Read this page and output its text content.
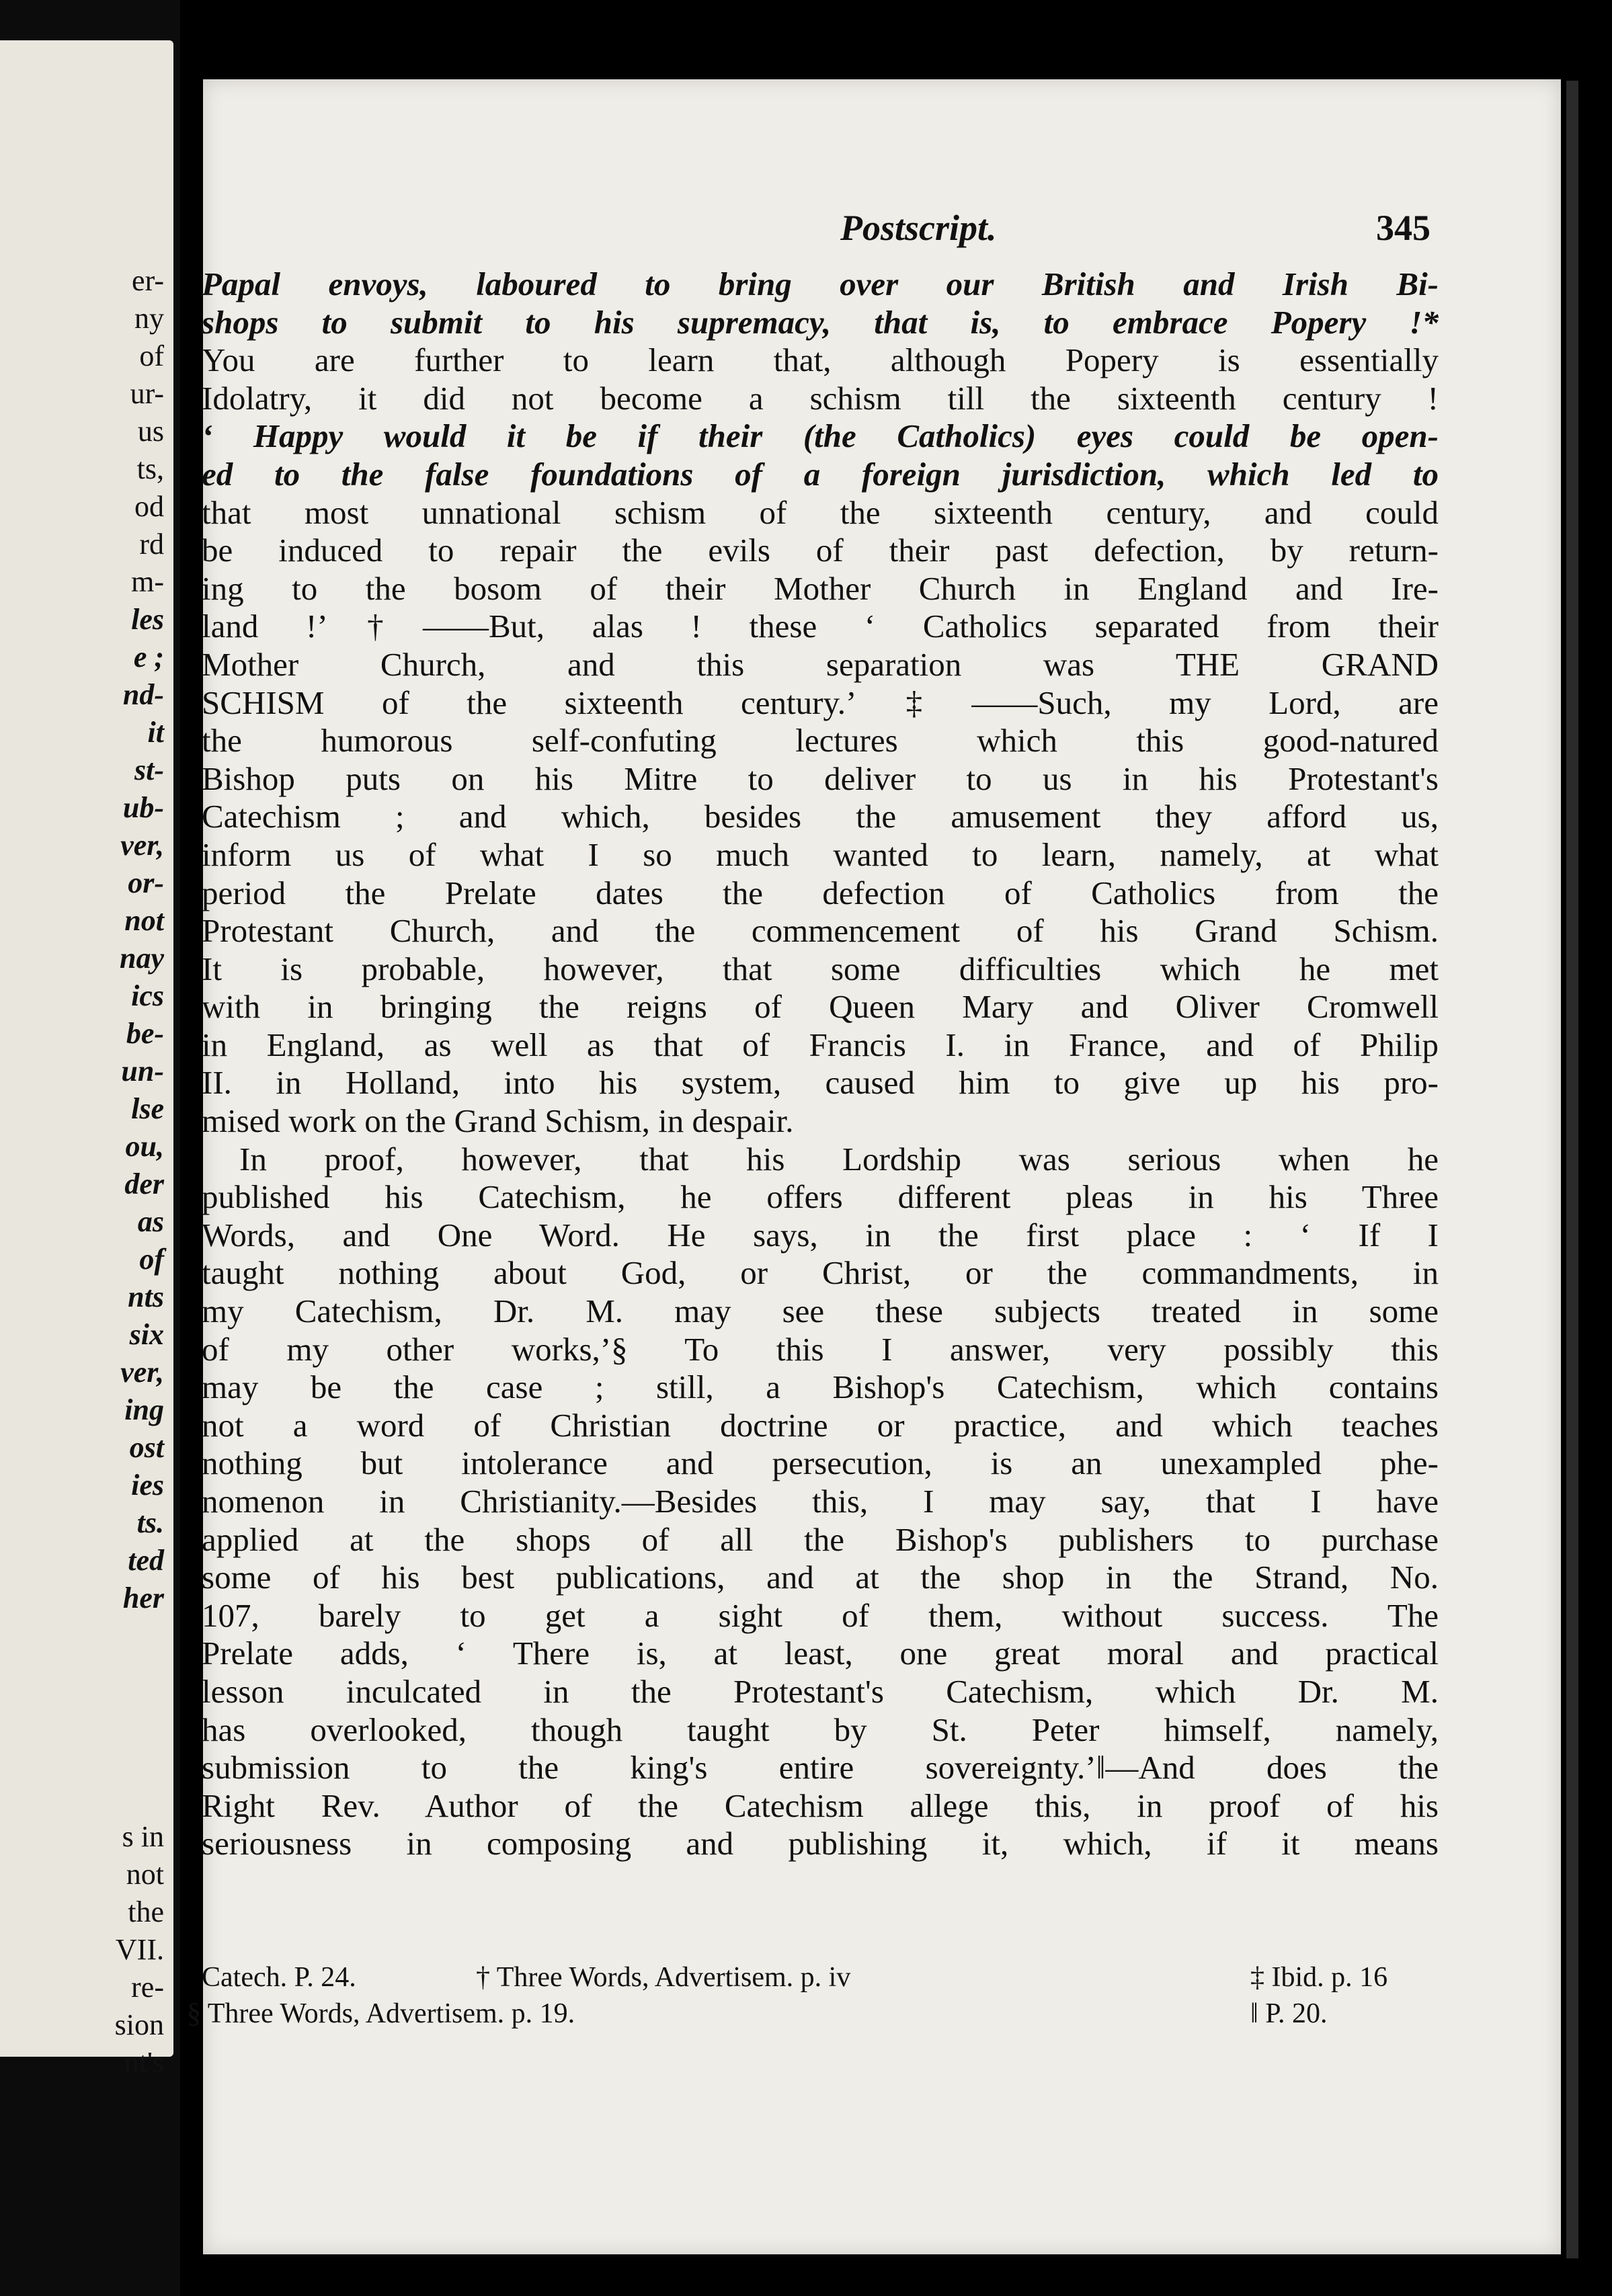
er-
ny
of
ur-
us
ts,
od
rd
m-
les
e ;
nd-
it
st-
ub-
ver,
or-
not
nay
ics
be-
un-
lse
ou,
der
as
of
nts
six
ver,
ing
ost
ies
ts.
ted
her
s in
not
the
VII.
re-
sion
nt's
Postscript.	345
Papal envoys, laboured to bring over our British and Irish Bi-
shops to submit to his supremacy, that is, to embrace Popery !*
You are further to learn that, although Popery is essentially
Idolatry, it did not become a schism till the sixteenth century !
‘ Happy would it be if their (the Catholics) eyes could be open-
ed to the false foundations of a foreign jurisdiction, which led to
that most unnational schism of the sixteenth century, and could
be induced to repair the evils of their past defection, by return-
ing to the bosom of their Mother Church in England and Ire-
land !’†——But, alas ! these ‘ Catholics separated from their
Mother Church, and this separation was THE GRAND
SCHISM of the sixteenth century.’‡——Such, my Lord, are
the humorous self-confuting lectures which this good-natured
Bishop puts on his Mitre to deliver to us in his Protestant's
Catechism ; and which, besides the amusement they afford us,
inform us of what I so much wanted to learn, namely, at what
period the Prelate dates the defection of Catholics from the
Protestant Church, and the commencement of his Grand Schism.
It is probable, however, that some difficulties which he met
with in bringing the reigns of Queen Mary and Oliver Cromwell
in England, as well as that of Francis I. in France, and of Philip
II. in Holland, into his system, caused him to give up his pro-
mised work on the Grand Schism, in despair.
In proof, however, that his Lordship was serious when he
published his Catechism, he offers different pleas in his Three
Words, and One Word. He says, in the first place : ‘ If I
taught nothing about God, or Christ, or the commandments, in
my Catechism, Dr. M. may see these subjects treated in some
of my other works,’§ To this I answer, very possibly this
may be the case ; still, a Bishop's Catechism, which contains
not a word of Christian doctrine or practice, and which teaches
nothing but intolerance and persecution, is an unexampled phe-
nomenon in Christianity.—Besides this, I may say, that I have
applied at the shops of all the Bishop's publishers to purchase
some of his best publications, and at the shop in the Strand, No.
107, barely to get a sight of them, without success. The
Prelate adds, ‘ There is, at least, one great moral and practical
lesson inculcated in the Protestant's Catechism, which Dr. M.
has overlooked, though taught by St. Peter himself, namely,
submission to the king's entire sovereignty.’‖—And does the
Right Rev. Author of the Catechism allege this, in proof of his
seriousness in composing and publishing it, which, if it means
Catech. P. 24.	† Three Words, Advertisem. p. iv	‡ Ibid. p. 16
§ Three Words, Advertisem. p. 19.	‖ P. 20.
